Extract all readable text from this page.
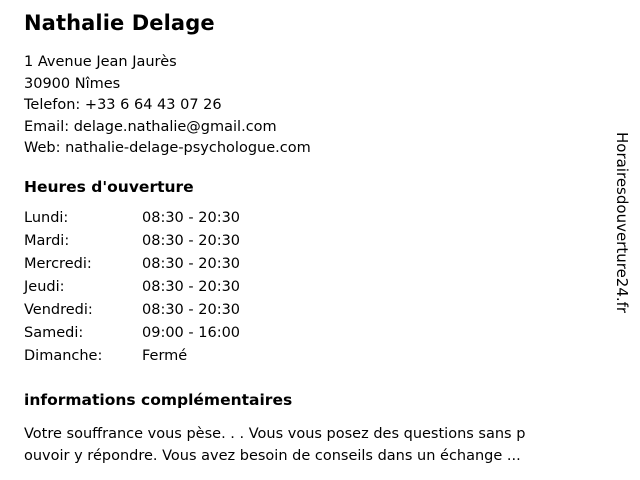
Nathalie Delage
1 Avenue Jean Jaurès
30900 Nîmes
Telefon: +33 6 64 43 07 26
Email: delage.nathalie@gmail.com
Web: nathalie-delage-psychologue.com
Heures d'ouverture
Lundi:	08:30 - 20:30
Mardi:	08:30 - 20:30
Mercredi:	08:30 - 20:30
Jeudi:	08:30 - 20:30
Vendredi:	08:30 - 20:30
Samedi:	09:00 - 16:00
Dimanche:	Fermé
informations complémentaires
Votre souffrance vous pèse. . . Vous vous posez des questions sans p
ouvoir y répondre. Vous avez besoin de conseils dans un échange ...
Horairesdouverture24.fr
